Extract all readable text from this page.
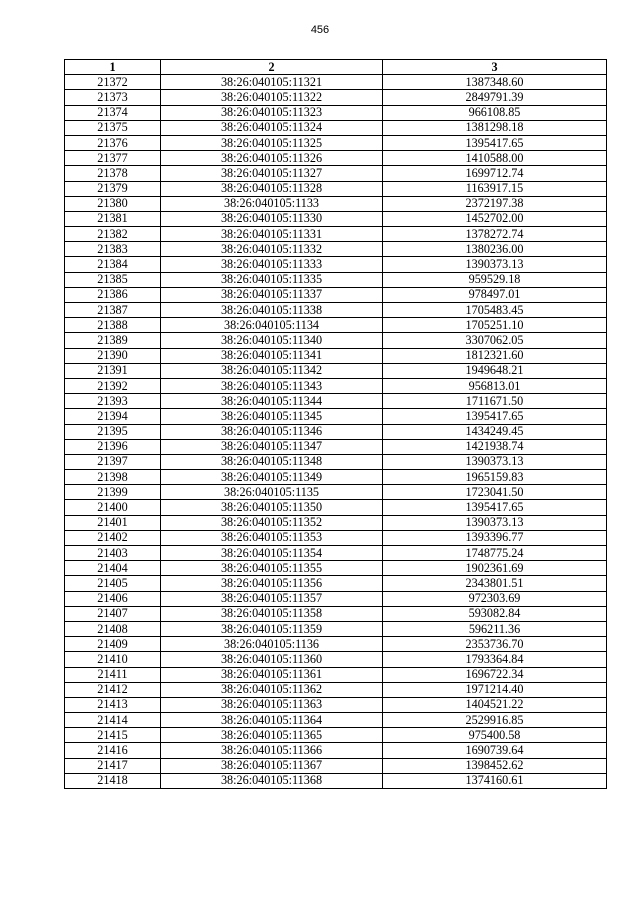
456
1	2	3
21372	38:26:040105:11321	1387348.60
21373	38:26:040105:11322	2849791.39
21374	38:26:040105:11323	966108.85
21375	38:26:040105:11324	1381298.18
21376	38:26:040105:11325	1395417.65
21377	38:26:040105:11326	1410588.00
21378	38:26:040105:11327	1699712.74
21379	38:26:040105:11328	1163917.15
21380	38:26:040105:1133	2372197.38
21381	38:26:040105:11330	1452702.00
21382	38:26:040105:11331	1378272.74
21383	38:26:040105:11332	1380236.00
21384	38:26:040105:11333	1390373.13
21385	38:26:040105:11335	959529.18
21386	38:26:040105:11337	978497.01
21387	38:26:040105:11338	1705483.45
21388	38:26:040105:1134	1705251.10
21389	38:26:040105:11340	3307062.05
21390	38:26:040105:11341	1812321.60
21391	38:26:040105:11342	1949648.21
21392	38:26:040105:11343	956813.01
21393	38:26:040105:11344	1711671.50
21394	38:26:040105:11345	1395417.65
21395	38:26:040105:11346	1434249.45
21396	38:26:040105:11347	1421938.74
21397	38:26:040105:11348	1390373.13
21398	38:26:040105:11349	1965159.83
21399	38:26:040105:1135	1723041.50
21400	38:26:040105:11350	1395417.65
21401	38:26:040105:11352	1390373.13
21402	38:26:040105:11353	1393396.77
21403	38:26:040105:11354	1748775.24
21404	38:26:040105:11355	1902361.69
21405	38:26:040105:11356	2343801.51
21406	38:26:040105:11357	972303.69
21407	38:26:040105:11358	593082.84
21408	38:26:040105:11359	596211.36
21409	38:26:040105:1136	2353736.70
21410	38:26:040105:11360	1793364.84
21411	38:26:040105:11361	1696722.34
21412	38:26:040105:11362	1971214.40
21413	38:26:040105:11363	1404521.22
21414	38:26:040105:11364	2529916.85
21415	38:26:040105:11365	975400.58
21416	38:26:040105:11366	1690739.64
21417	38:26:040105:11367	1398452.62
21418	38:26:040105:11368	1374160.61
